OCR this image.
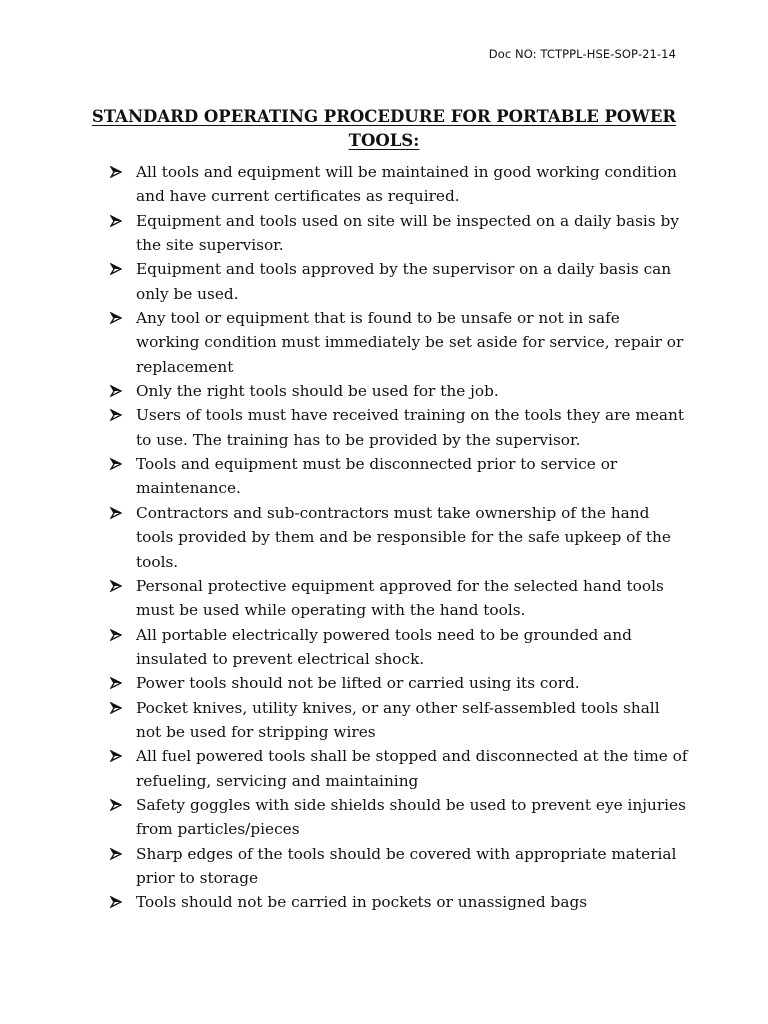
Doc NO: TCTPPL-HSE-SOP-21-14
STANDARD OPERATING PROCEDURE FOR PORTABLE POWER TOOLS:
All tools and equipment will be maintained in good working condition and have current certificates as required.
Equipment and tools used on site will be inspected on a daily basis by the site supervisor.
Equipment and tools approved by the supervisor on a daily basis can only be used.
Any tool or equipment that is found to be unsafe or not in safe working condition must immediately be set aside for service, repair or replacement
Only the right tools should be used for the job.
Users of tools must have received training on the tools they are meant to use. The training has to be provided by the supervisor.
Tools and equipment must be disconnected prior to service or maintenance.
Contractors and sub-contractors must take ownership of the hand tools provided by them and be responsible for the safe upkeep of the tools.
Personal protective equipment approved for the selected hand tools must be used while operating with the hand tools.
All portable electrically powered tools need to be grounded and insulated to prevent electrical shock.
Power tools should not be lifted or carried using its cord.
Pocket knives, utility knives, or any other self-assembled tools shall not be used for stripping wires
All fuel powered tools shall be stopped and disconnected at the time of refueling, servicing and maintaining
Safety goggles with side shields should be used to prevent eye injuries from particles/pieces
Sharp edges of the tools should be covered with appropriate material prior to storage
Tools should not be carried in pockets or unassigned bags
